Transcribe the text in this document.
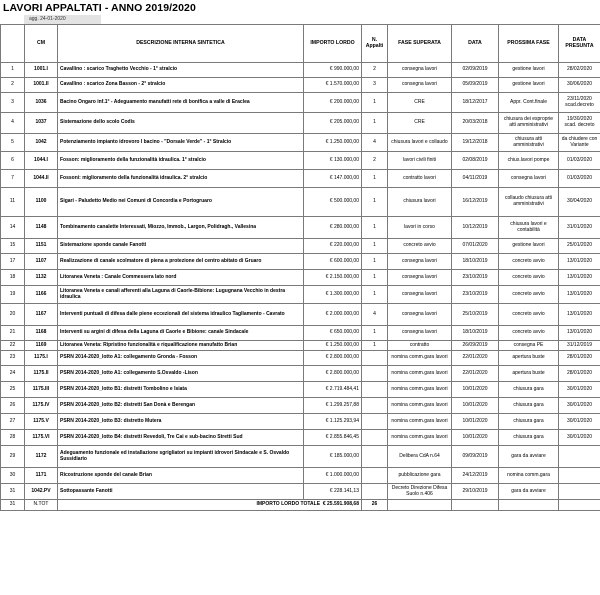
LAVORI APPALTATI - ANNO 2019/2020
agg. 24-01-2020
	CM	DESCRIZIONE INTERNA SINTETICA	IMPORTO LORDO	N. Appalti	FASE SUPERATA	DATA	PROSSIMA FASE	DATA PRESUNTA
1	1001.I	Cavallino : scarico Traghetto Vecchio - 1° stralcio	€ 990.000,00	2	consegna lavori	02/09/2019	gestione lavori	28/02/2020
2	1001.II	Cavallino : scarico Zona Basson - 2° stralcio	€ 1.570.000,00	3	consegna lavori	05/09/2019	gestione lavori	30/06/2020
3	1036	Bacino Ongaro inf.1° - Adeguamento manufatti rete di bonifica a valle di Eraclea	€ 200.000,00	1	CRE	18/12/2017	Appr. Cont.finale	23/11/2020 scad.decreto
4	1037	Sistemazione dello scolo Codis	€ 205.000,00	1	CRE	20/03/2018	chiusura dei esproprie atti amministrativi	19/30/2020 scad. decreto
5	1042	Potenziamento impianto idrovoro I bacino - "Dorsale Verde" - 1° Stralcio	€ 1.250.000,00	4	chiusura lavori e collaudo	19/12/2018	chiusura atti amministrativi	da chiudere con Variante
6	1044.I	Fosson: miglioramento della funzionalità idraulica. 1° stralcio	€ 130.000,00	2	lavori civili finiti	02/08/2019	chius.lavori pompe	01/03/2020
7	1044.II	Fossoni: miglioramento della funzionalità idraulica. 2° stralcio	€ 147.000,00	1	contratto lavori	04/11/2019	consegna lavori	01/03/2020
11	1100	Sigari - Paludetto Medio nei Comuni di Concordia e Portogruaro	€ 500.000,00	1	chiusura lavori	16/12/2019	collaudo chiusura atti amministrativi	30/04/2020
14	1148	Tombinamento canalette Interessati, Miozzo, Immob., Largon, Polidragh., Vallesina	€ 280.000,00	1	lavori in corso	10/12/2019	chiusura lavori e contabilità	31/01/2020
15	1151	Sistemazione sponde canale Fanotti	€ 220.000,00	1	concreto avvio	07/01/2020	gestione lavori	25/01/2020
17	1107	Realizzazione di canale scolmatore di piena a protezione del centro abitato di Gruaro	€ 600.000,00	1	consegna lavori	18/10/2019	concreto avvio	13/01/2020
18	1132	Litoranea Veneta : Canale Commessera lato nord	€ 2.150.000,00	1	consegna lavori	23/10/2019	concreto avvio	13/01/2020
19	1166	Litoranea Veneta e canali afferenti alla Laguna di Caorle-Bibione: Lugugnana Vecchio in destra idraulica	€ 1.300.000,00	1	consegna lavori	23/10/2019	concreto avvio	13/01/2020
20	1167	Interventi puntuali di difesa dalle piene eccezionali del sistema idraulico Tagliamento - Cavrato	€ 2.000.000,00	4	consegna lavori	25/10/2019	concreto avvio	13/01/2020
21	1168	Interventi su argini di difesa della Laguna di Caorle e Bibione: canale Sindacale	€ 650.000,00	1	consegna lavori	18/10/2019	concreto avvio	13/01/2020
22	1169	Litoranea Veneta: Ripristino funzionalità e riqualificazione manufatto Brian	€ 1.250.000,00	1	contratto	26/09/2019	consegna PE	31/12/2019
23	1175.I	PSRN 2014-2020_lotto A1: collegamento Gronda - Fosson	€ 2.800.000,00		nomina comm.gara lavori	22/01/2020	apertura buste	28/01/2020
24	1175.II	PSRN 2014-2020_lotto A1: collegamento S.Osvaldo -Lison	€ 2.800.000,00		nomina comm.gara lavori	22/01/2020	apertura buste	28/01/2020
25	1175.III	PSRN 2014-2020_lotto B1: distretti Tombolino e Isiata	€ 2.719.484,41		nomina comm.gara lavori	10/01/2020	chiusura gara	30/01/2020
26	1175.IV	PSRN 2014-2020_lotto B2: distretti San Donà e Berengan	€ 1.299.257,88		nomina comm.gara lavori	10/01/2020	chiusura gara	30/01/2020
27	1175.V	PSRN 2014-2020_lotto B3: distretto Mutera	€ 1.125.293,94		nomina comm.gara lavori	10/01/2020	chiusura gara	30/01/2020
28	1175.VI	PSRN 2014-2020_lotto B4: distretti Revedoli, Tre Cai e sub-bacino Stretti Sud	€ 2.855.846,45		nomina comm.gara lavori	10/01/2020	chiusura gara	30/01/2020
29	1172	Adeguamento funzionale ed installazione sgrigliatori su impianti idrovori Sindacale e S. Osvaldo Sussidiario	€ 185.000,00		Delibera CdA n.64	09/09/2019	gara da avviare	
30	1171	Ricostruzione sponde del canale Brian	€ 1.000.000,00		pubblicazione gara	24/12/2019	nomina comm.gara	
31	1042.PV	Sottopassante Fanotti	€ 228.141,13		Decreto Direzione Difesa Suolo n.406	29/10/2019	gara da avviare	
31	N.TOT	IMPORTO LORDO TOTALE € 25.591.908,68		26				
